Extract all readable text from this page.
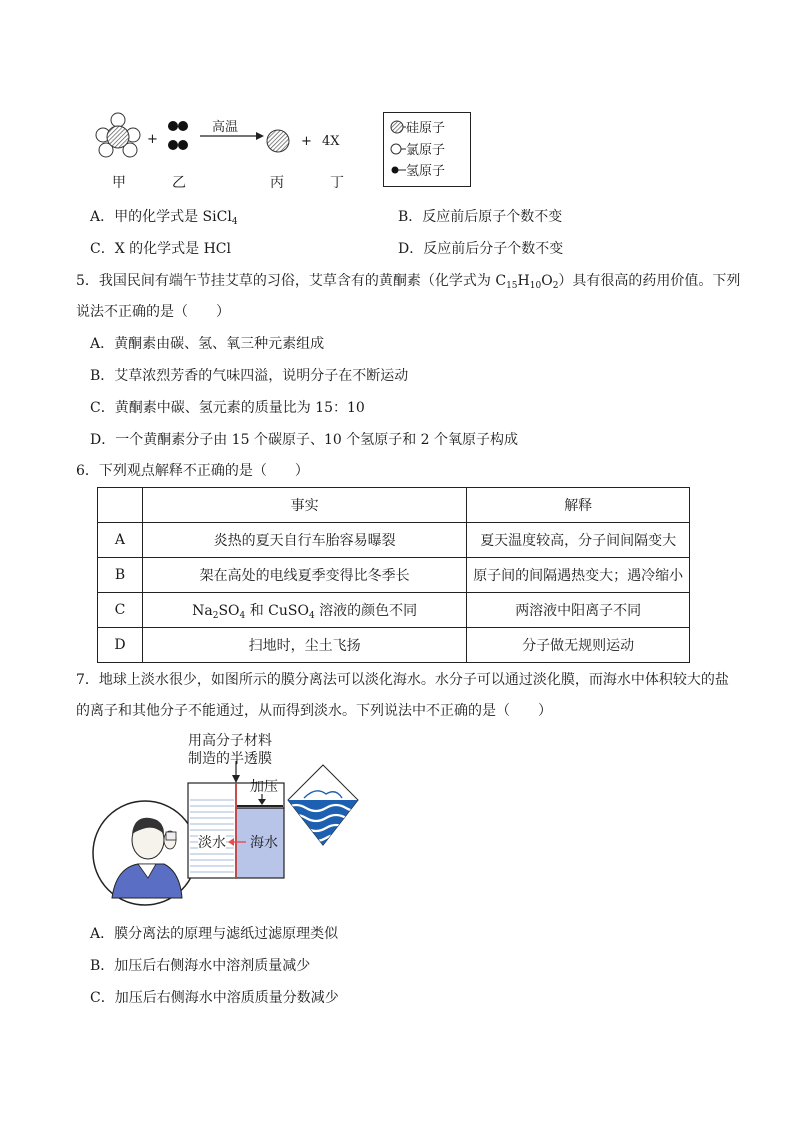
+	+
高温
4X
甲	乙	丙	丁
硅原子
氯原子
氢原子
A．甲的化学式是 SiCl$_4$	B．反应前后原子个数不变
C．X 的化学式是 HCl	D．反应前后分子个数不变
5．我国民间有端午节挂艾草的习俗，艾草含有的黄酮素（化学式为 $C_{15}H_{10}O_2$）具有很高的药用价值。下列
说法不正确的是（　　）
A．黄酮素由碳、氢、氧三种元素组成
B．艾草浓烈芳香的气味四溢，说明分子在不断运动
C．黄酮素中碳、氢元素的质量比为 15：10
D．一个黄酮素分子由 15 个碳原子、10 个氢原子和 2 个氧原子构成
6．下列观点解释不正确的是（　　）
	事实	解释
A	炎热的夏天自行车胎容易曝裂	夏天温度较高，分子间间隔变大
B	架在高处的电线夏季变得比冬季长	原子间的间隔遇热变大；遇冷缩小
C	$Na_2SO_4$ 和 CuSO$_4$ 溶液的颜色不同	两溶液中阳离子不同
D	扫地时，尘土飞扬	分子做无规则运动
7．地球上淡水很少，如图所示的膜分离法可以淡化海水。水分子可以通过淡化膜，而海水中体积较大的盐
的离子和其他分子不能通过，从而得到淡水。下列说法中不正确的是（　　）
用高分子材料
制造的半透膜
加压
淡水 海水
A．膜分离法的原理与滤纸过滤原理类似
B．加压后右侧海水中溶剂质量减少
C．加压后右侧海水中溶质质量分数减少
